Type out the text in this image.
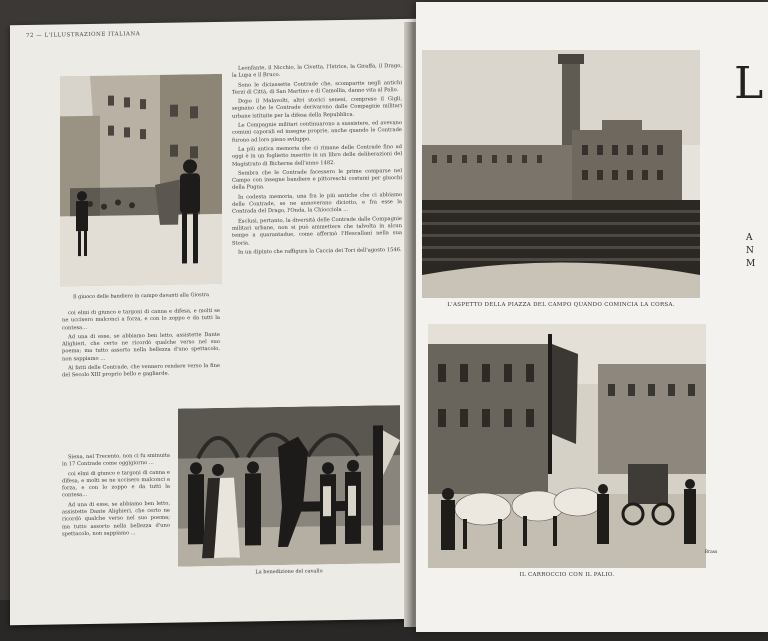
72 — L'ILLUSTRAZIONE ITALIANA
Il giuoco delle bandiere in campo davanti alla Giostra

coi elmi di giunco e targoni di canna e difesa, e molti se ne uccisero malconci a forza, e con lo zoppo e da tutti la contesa...

Ad una di esse, se abbiamo ben letto, assistette Dante Alighieri, che certo ne ricordò qualche verso nel suo poema; ma tutto assorto nella bellezza d'uno spettacolo, non sappiamo ...

Ai fatti delle Contrade, che vennero rendere verso la fine del Secolo XIII proprio bello e gagliarde.

Siena, nel Trecento, non ci fu sminuita in 17 Contrade come oggigiorno ...

coi elmi di giunco e targoni di canna e difesa, e molti se ne uccisero malconci a forza, e con lo zoppo e da tutti la contesa...

Ad una di esse, se abbiamo ben letto, assistette Dante Alighieri, che certo ne ricordò qualche verso nel suo poema; ma tutto assorto nella bellezza d'uno spettacolo, non sappiamo ...

Leonfante, il Nicchio, la Civetta, l'Istrice, la Giraffa, il Drago, la Lupa e il Bruco.

Sono le diciassette Contrade che, scomparite negli antichi Terzi di Città, di San Martino e di Camollia, danno vita al Palio.

Dopo il Malavolti, altri storici senesi, compreso il Gigli, segnano che le Contrade derivarono dalle Compagnie militari urbane istituite per la difesa della Repubblica.

Le Compagnie militari continuarono a sussistere, ed avevano comuni caporali ed insegne proprie, anche quando le Contrade furono ad loro pieno sviluppo.

La più antica memoria che ci rimane delle Contrade fino ad oggi è in un foglietto inserito in un libro delle deliberazioni del Magistrato di Bicherna dell'anno 1482.

Sembra che le Contrade facessero le prime comparse nel Campo con insegne bandiere e pittoreschi costumi per giuochi della Pugna.

In codesta memoria, una fra le più antiche che ci abbiamo delle Contrade, se ne annoverano diciotto, e fra esse la Contrada del Drago, l'Onda, la Chiocciola ...

Esclusi, pertanto, la diversità delle Contrade dalle Compagnie militari urbane, non si può ammettere che talvolta in alcun tempo a quarantadue, come affermò l'Hescallani nella sua Storia.

In un dipinto che raffigura la Caccia dei Tori dell'agosto 1546.

La benedizione del cavallo
L'ASPETTO DELLA PIAZZA DEL CAMPO QUANDO COMINCIA LA CORSA.
Brass
IL CARROCCIO CON IL PALIO.
L
A
N
M
